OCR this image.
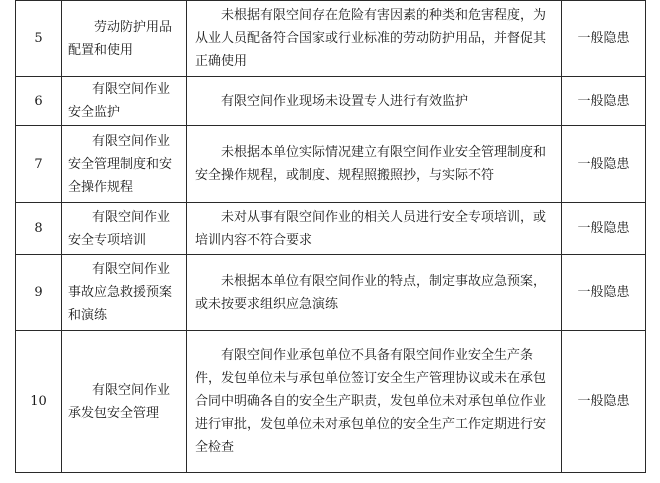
5	劳动防护用品配置和使用	未根据有限空间存在危险有害因素的种类和危害程度，为从业人员配备符合国家或行业标准的劳动防护用品，并督促其正确使用	一般隐患
6	有限空间作业安全监护	有限空间作业现场未设置专人进行有效监护	一般隐患
7	有限空间作业安全管理制度和安全操作规程	未根据本单位实际情况建立有限空间作业安全管理制度和安全操作规程，或制度、规程照搬照抄，与实际不符	一般隐患
8	有限空间作业安全专项培训	未对从事有限空间作业的相关人员进行安全专项培训，或培训内容不符合要求	一般隐患
9	有限空间作业事故应急救援预案和演练	未根据本单位有限空间作业的特点，制定事故应急预案，或未按要求组织应急演练	一般隐患
10	有限空间作业承发包安全管理	有限空间作业承包单位不具备有限空间作业安全生产条件，发包单位未与承包单位签订安全生产管理协议或未在承包合同中明确各自的安全生产职责，发包单位未对承包单位作业进行审批，发包单位未对承包单位的安全生产工作定期进行安全检查	一般隐患
